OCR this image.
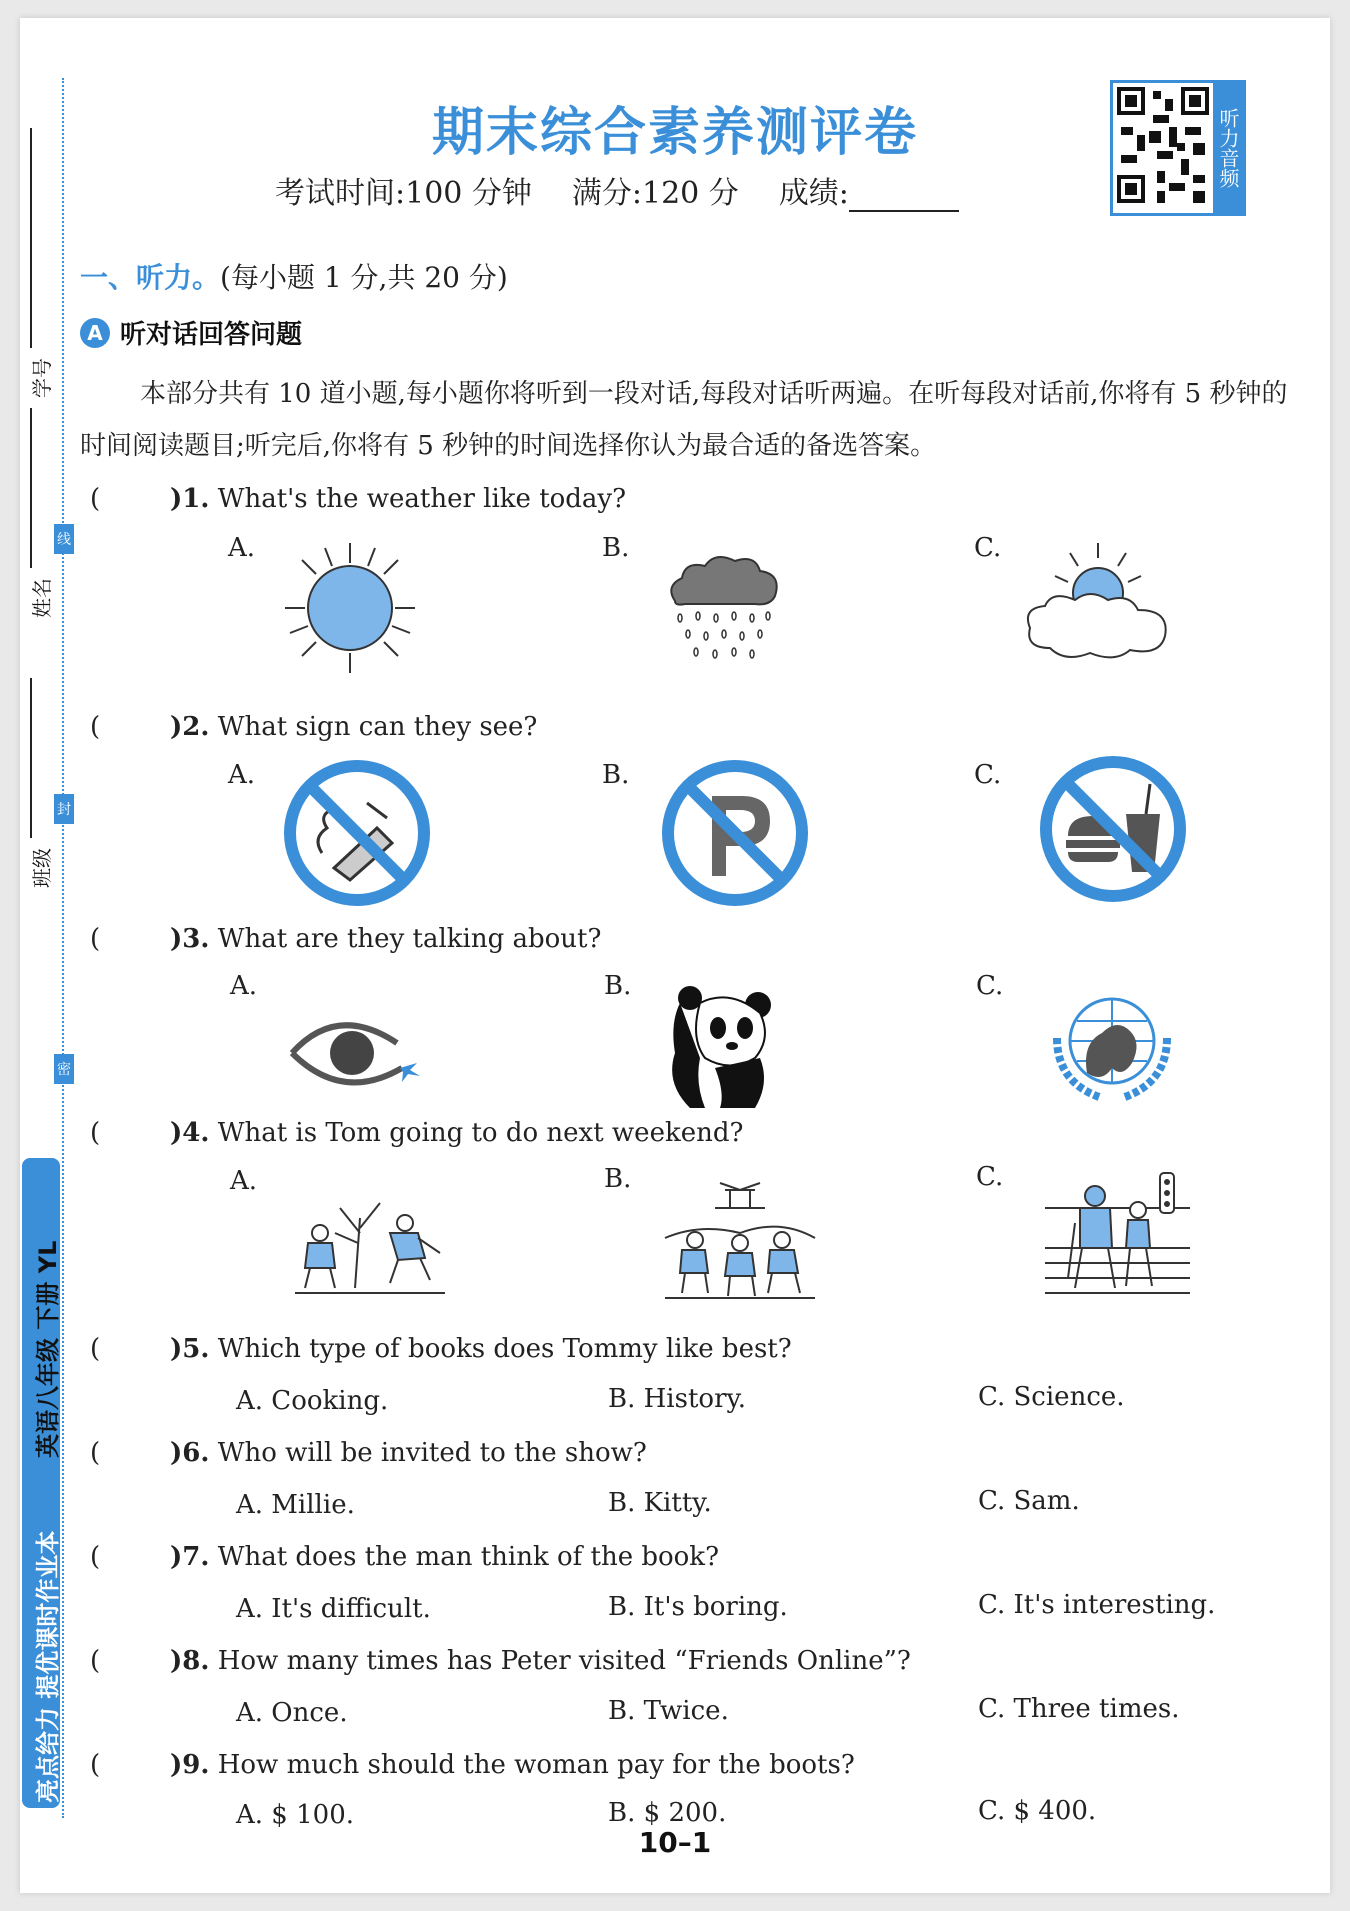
学号
姓名
班级
线
封
密
亮点给力 提优课时作业本
英语八年级 下册 YL
期末综合素养测评卷
考试时间:100 分钟 满分:120 分 成绩:
听力音频
一、听力。(每小题 1 分,共 20 分)
A 听对话回答问题

本部分共有 10 道小题,每小题你将听到一段对话,每段对话听两遍。在听每段对话前,你将有 5 秒钟的时间阅读题目;听完后,你将有 5 秒钟的时间选择你认为最合适的备选答案。

(	)1. What's the weather like today?
A.	B.	C.
(	)2. What sign can they see?
A.	B.	C.
(	)3. What are they talking about?
A.	B.	C.
(	)4. What is Tom going to do next weekend?
A.	B.	C.
(	)5. Which type of books does Tommy like best?
A. Cooking.	B. History.	C. Science.
(	)6. Who will be invited to the show?
A. Millie.	B. Kitty.	C. Sam.
(	)7. What does the man think of the book?
A. It's difficult.	B. It's boring.	C. It's interesting.
(	)8. How many times has Peter visited “Friends Online”?
A. Once.	B. Twice.	C. Three times.
(	)9. How much should the woman pay for the boots?
A. $ 100.	B. $ 200.	C. $ 400.
10–1
